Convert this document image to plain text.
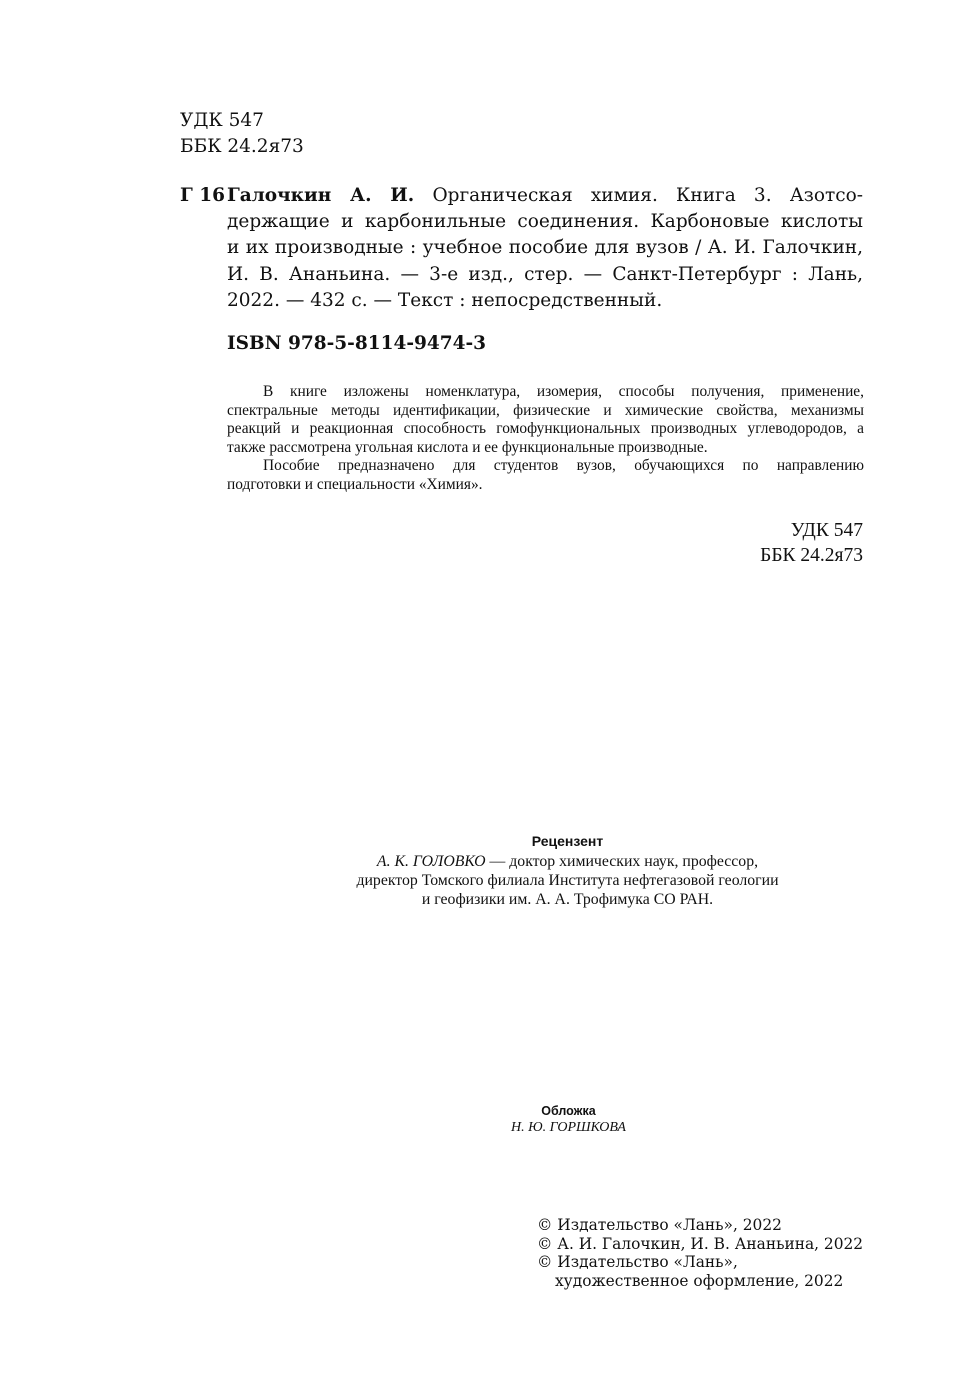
УДК 547
ББК 24.2я73
Г 16 Галочкин А. И. Органическая химия. Книга 3. Азотсо-
держащие и карбонильные соединения. Карбоновые кислоты
и их производные : учебное пособие для вузов / А. И. Галочкин,
И. В. Ананьина. — 3-е изд., стер. — Санкт-Петербург : Лань,
2022. — 432 с. — Текст : непосредственный.
ISBN 978-5-8114-9474-3
В книге изложены номенклатура, изомерия, способы получения, применение,
спектральные методы идентификации, физические и химические свойства, механизмы
реакций и реакционная способность гомофункциональных производных углеводородов, а
также рассмотрена угольная кислота и ее функциональные производные.
Пособие предназначено для студентов вузов, обучающихся по направлению
подготовки и специальности «Химия».
УДК 547
ББК 24.2я73
Рецензент
А. К. ГОЛОВКО — доктор химических наук, профессор,
директор Томского филиала Института нефтегазовой геологии
и геофизики им. А. А. Трофимука СО РАН.
Обложка
Н. Ю. ГОРШКОВА
© Издательство «Лань», 2022
© А. И. Галочкин, И. В. Ананьина, 2022
© Издательство «Лань»,
художественное оформление, 2022
